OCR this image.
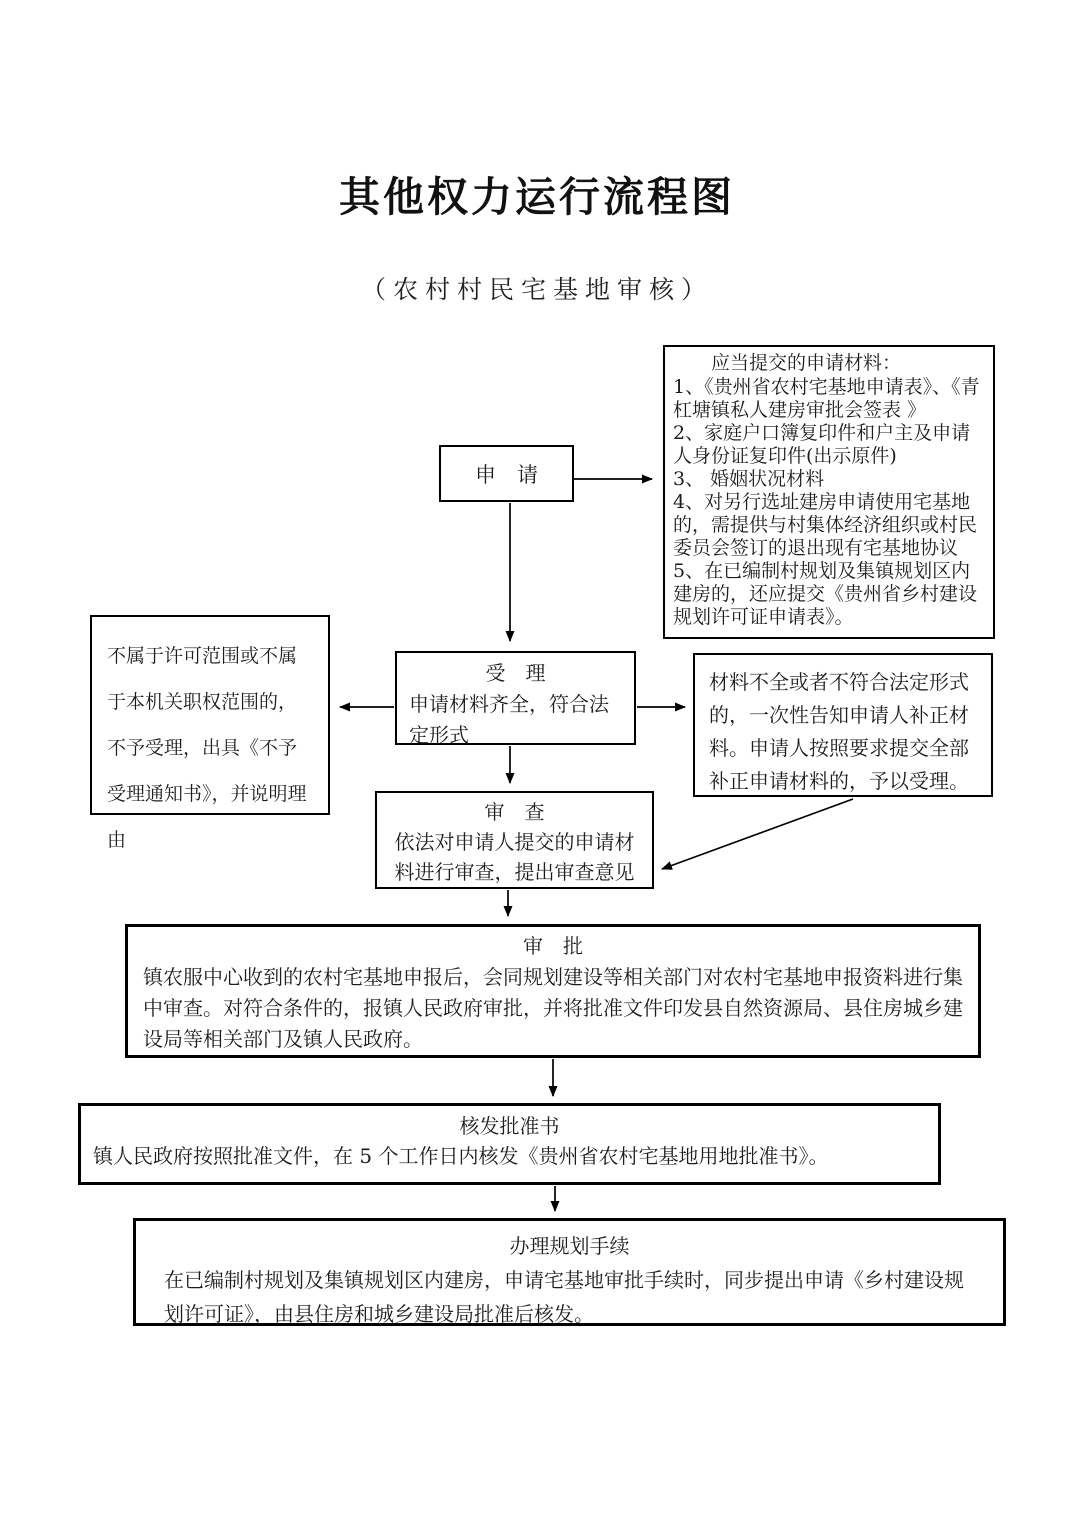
其他权力运行流程图
（农村村民宅基地审核）

应当提交的申请材料：

1、《贵州省农村宅基地申请表》、《青杠塘镇私人建房审批会签表 》

2、家庭户口簿复印件和户主及申请人身份证复印件(出示原件)

3、 婚姻状况材料

4、对另行选址建房申请使用宅基地的，需提供与村集体经济组织或村民委员会签订的退出现有宅基地协议

5、在已编制村规划及集镇规划区内建房的，还应提交《贵州省乡村建设规划许可证申请表》。

申　请
受　理
申请材料齐全，符合法定形式
不属于许可范围或不属于本机关职权范围的，不予受理，出具《不予受理通知书》，并说明理由
材料不全或者不符合法定形式的，一次性告知申请人补正材料。申请人按照要求提交全部补正申请材料的，予以受理。
审　查
依法对申请人提交的申请材料进行审查，提出审查意见
审　批
镇农服中心收到的农村宅基地申报后，会同规划建设等相关部门对农村宅基地申报资料进行集中审查。对符合条件的，报镇人民政府审批，并将批准文件印发县自然资源局、县住房城乡建设局等相关部门及镇人民政府。
核发批准书
镇人民政府按照批准文件，在 5 个工作日内核发《贵州省农村宅基地用地批准书》。
办理规划手续
在已编制村规划及集镇规划区内建房，申请宅基地审批手续时，同步提出申请《乡村建设规划许可证》，由县住房和城乡建设局批准后核发。
